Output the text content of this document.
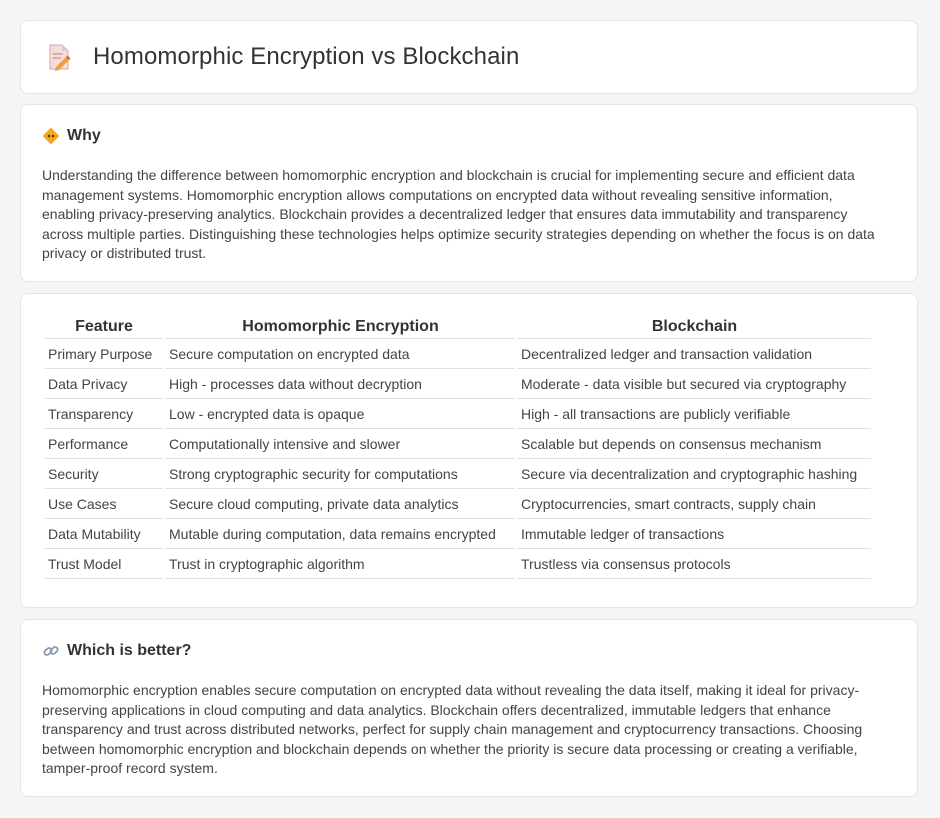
Homomorphic Encryption vs Blockchain
Why
Understanding the difference between homomorphic encryption and blockchain is crucial for implementing secure and efficient data management systems. Homomorphic encryption allows computations on encrypted data without revealing sensitive information, enabling privacy-preserving analytics. Blockchain provides a decentralized ledger that ensures data immutability and transparency across multiple parties. Distinguishing these technologies helps optimize security strategies depending on whether the focus is on data privacy or distributed trust.
Feature	Homomorphic Encryption	Blockchain
Primary Purpose	Secure computation on encrypted data	Decentralized ledger and transaction validation
Data Privacy	High - processes data without decryption	Moderate - data visible but secured via cryptography
Transparency	Low - encrypted data is opaque	High - all transactions are publicly verifiable
Performance	Computationally intensive and slower	Scalable but depends on consensus mechanism
Security	Strong cryptographic security for computations	Secure via decentralization and cryptographic hashing
Use Cases	Secure cloud computing, private data analytics	Cryptocurrencies, smart contracts, supply chain
Data Mutability	Mutable during computation, data remains encrypted	Immutable ledger of transactions
Trust Model	Trust in cryptographic algorithm	Trustless via consensus protocols
Which is better?
Homomorphic encryption enables secure computation on encrypted data without revealing the data itself, making it ideal for privacy-preserving applications in cloud computing and data analytics. Blockchain offers decentralized, immutable ledgers that enhance transparency and trust across distributed networks, perfect for supply chain management and cryptocurrency transactions. Choosing between homomorphic encryption and blockchain depends on whether the priority is secure data processing or creating a verifiable, tamper-proof record system.
